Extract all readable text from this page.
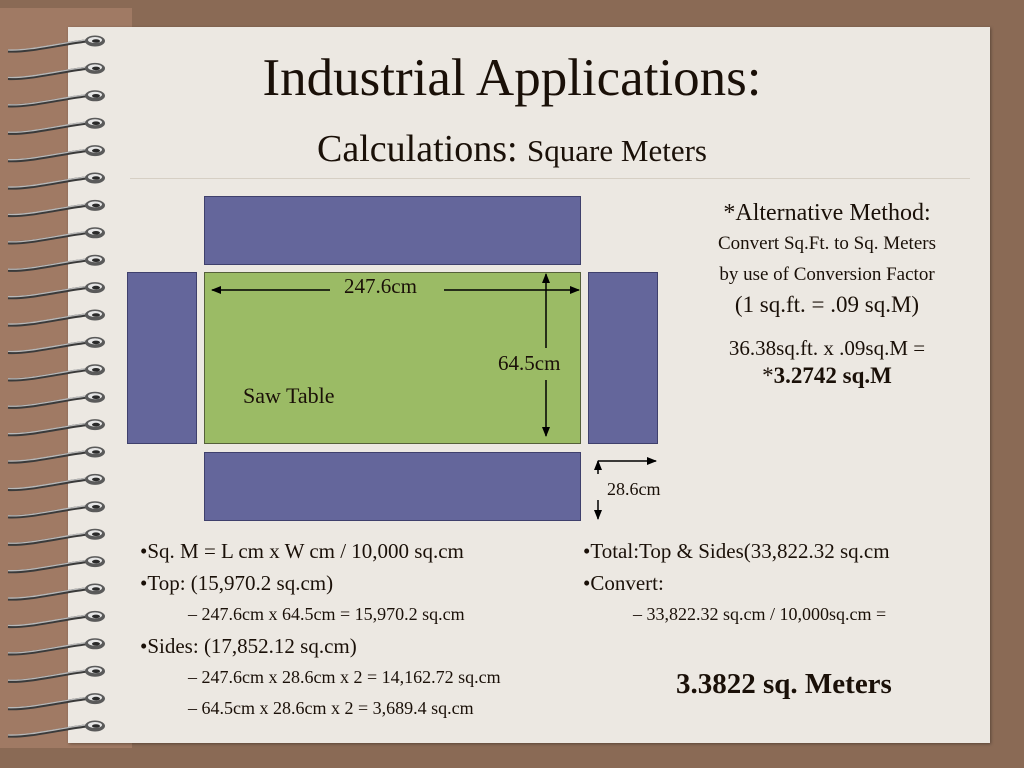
Industrial Applications:
Calculations: Square Meters
247.6cm
64.5cm
Saw Table
28.6cm
*Alternative Method:
Convert Sq.Ft. to Sq. Meters
by use of Conversion Factor
(1 sq.ft. = .09 sq.M)
36.38sq.ft. x .09sq.M =
*3.2742 sq.M
•Sq. M = L cm x W cm / 10,000 sq.cm
•Top: (15,970.2 sq.cm)
– 247.6cm x 64.5cm = 15,970.2 sq.cm
•Sides: (17,852.12 sq.cm)
– 247.6cm x 28.6cm x 2 = 14,162.72 sq.cm
– 64.5cm x 28.6cm x 2 = 3,689.4 sq.cm
•Total:Top & Sides(33,822.32 sq.cm
•Convert:
– 33,822.32 sq.cm / 10,000sq.cm =
3.3822 sq. Meters
